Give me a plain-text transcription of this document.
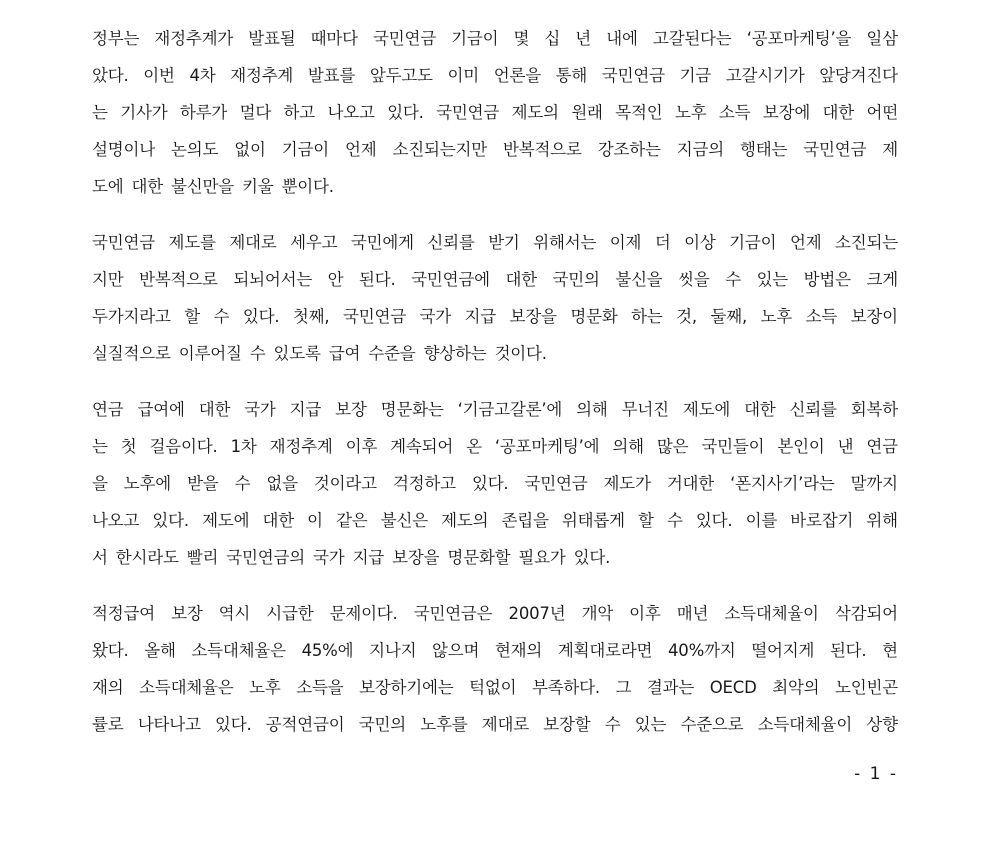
정부는 재정추계가 발표될 때마다 국민연금 기금이 몇 십 년 내에 고갈된다는 ‘공포마케팅’을 일삼
았다. 이번 4차 재정추계 발표를 앞두고도 이미 언론을 통해 국민연금 기금 고갈시기가 앞당겨진다
는 기사가 하루가 멀다 하고 나오고 있다. 국민연금 제도의 원래 목적인 노후 소득 보장에 대한 어떤
설명이나 논의도 없이 기금이 언제 소진되는지만 반복적으로 강조하는 지금의 행태는 국민연금 제
도에 대한 불신만을 키울 뿐이다.
국민연금 제도를 제대로 세우고 국민에게 신뢰를 받기 위해서는 이제 더 이상 기금이 언제 소진되는
지만 반복적으로 되뇌어서는 안 된다. 국민연금에 대한 국민의 불신을 씻을 수 있는 방법은 크게
두가지라고 할 수 있다. 첫째, 국민연금 국가 지급 보장을 명문화 하는 것, 둘째, 노후 소득 보장이
실질적으로 이루어질 수 있도록 급여 수준을 향상하는 것이다.
연금 급여에 대한 국가 지급 보장 명문화는 ‘기금고갈론’에 의해 무너진 제도에 대한 신뢰를 회복하
는 첫 걸음이다. 1차 재정추계 이후 계속되어 온 ‘공포마케팅’에 의해 많은 국민들이 본인이 낸 연금
을 노후에 받을 수 없을 것이라고 걱정하고 있다. 국민연금 제도가 거대한 ‘폰지사기’라는 말까지
나오고 있다. 제도에 대한 이 같은 불신은 제도의 존립을 위태롭게 할 수 있다. 이를 바로잡기 위해
서 한시라도 빨리 국민연금의 국가 지급 보장을 명문화할 필요가 있다.
적정급여 보장 역시 시급한 문제이다. 국민연금은 2007년 개악 이후 매년 소득대체율이 삭감되어
왔다. 올해 소득대체율은 45%에 지나지 않으며 현재의 계획대로라면 40%까지 떨어지게 된다. 현
재의 소득대체율은 노후 소득을 보장하기에는 턱없이 부족하다. 그 결과는 OECD 최악의 노인빈곤
률로 나타나고 있다. 공적연금이 국민의 노후를 제대로 보장할 수 있는 수준으로 소득대체율이 상향
- 1 -
